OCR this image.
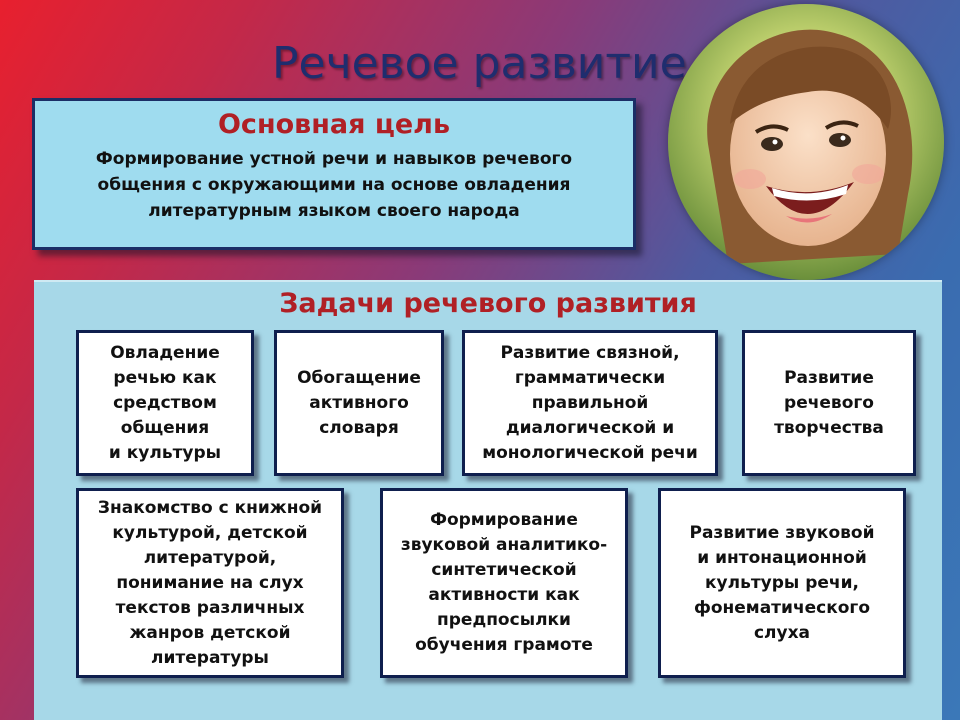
Речевое развитие
Основная цель
Формирование устной речи и навыков речевого общения с окружающими на основе овладения литературным языком своего народа
Задачи речевого развития
Овладение
речью как
средством
общения
и культуры
Обогащение
активного
словаря
Развитие связной,
грамматически
правильной
диалогической и
монологической речи
Развитие
речевого
творчества
Знакомство с книжной
культурой, детской
литературой,
понимание на слух
текстов различных
жанров детской
литературы
Формирование
звуковой аналитико-
синтетической
активности как
предпосылки
обучения грамоте
Развитие звуковой
и интонационной
культуры речи,
фонематического
слуха
